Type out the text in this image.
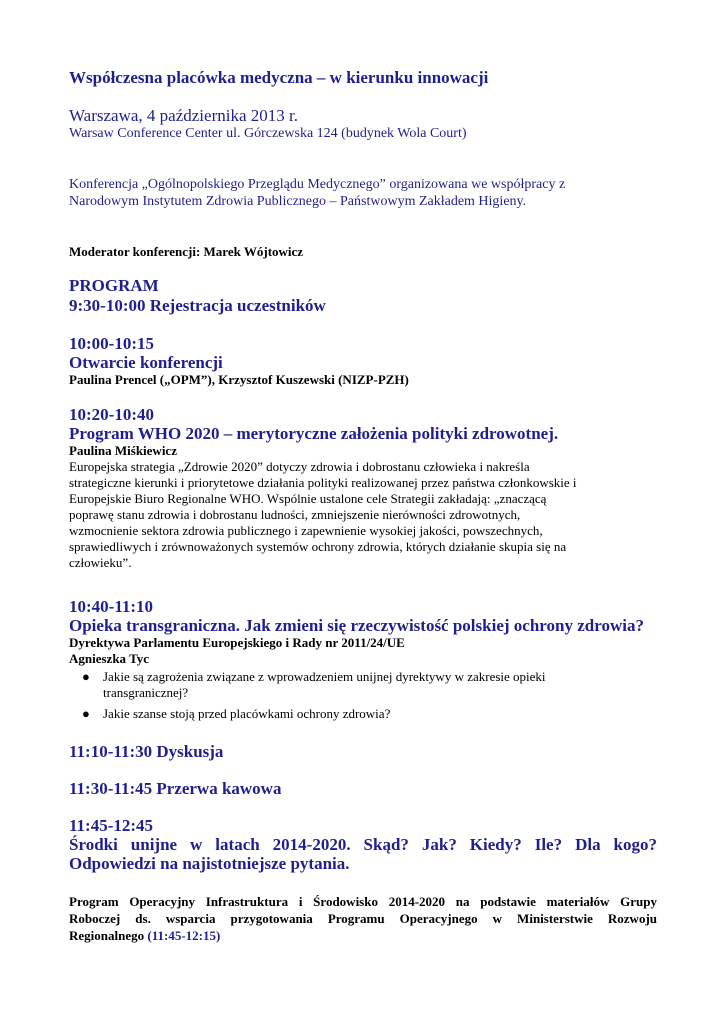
Współczesna placówka medyczna – w kierunku innowacji
Warszawa, 4 października 2013 r.
Warsaw Conference Center ul. Górczewska 124 (budynek Wola Court)
Konferencja „Ogólnopolskiego Przeglądu Medycznego” organizowana we współpracy z
Narodowym Instytutem Zdrowia Publicznego – Państwowym Zakładem Higieny.
Moderator konferencji: Marek Wójtowicz
PROGRAM
9:30-10:00 Rejestracja uczestników
10:00-10:15
Otwarcie konferencji
Paulina Prencel („OPM”), Krzysztof Kuszewski (NIZP-PZH)
10:20-10:40
Program WHO 2020 – merytoryczne założenia polityki zdrowotnej.
Paulina Miśkiewicz
Europejska strategia „Zdrowie 2020” dotyczy zdrowia i dobrostanu człowieka i nakreśla
strategiczne kierunki i priorytetowe działania polityki realizowanej przez państwa członkowskie i
Europejskie Biuro Regionalne WHO. Wspólnie ustalone cele Strategii zakładają: „znaczącą
poprawę stanu zdrowia i dobrostanu ludności, zmniejszenie nierówności zdrowotnych,
wzmocnienie sektora zdrowia publicznego i zapewnienie wysokiej jakości, powszechnych,
sprawiedliwych i zrównoważonych systemów ochrony zdrowia, których działanie skupia się na
człowieku”.
10:40-11:10
Opieka transgraniczna. Jak zmieni się rzeczywistość polskiej ochrony zdrowia?
Dyrektywa Parlamentu Europejskiego i Rady nr 2011/24/UE
Agnieszka Tyc
● Jakie są zagrożenia związane z wprowadzeniem unijnej dyrektywy w zakresie opieki transgranicznej?
● Jakie szanse stoją przed placówkami ochrony zdrowia?
11:10-11:30 Dyskusja
11:30-11:45 Przerwa kawowa
11:45-12:45
Środki unijne w latach 2014-2020. Skąd? Jak? Kiedy? Ile? Dla kogo?
Odpowiedzi na najistotniejsze pytania.
Program Operacyjny Infrastruktura i Środowisko 2014-2020 na podstawie materiałów Grupy
Roboczej ds. wsparcia przygotowania Programu Operacyjnego w Ministerstwie Rozwoju
Regionalnego (11:45-12:15)
